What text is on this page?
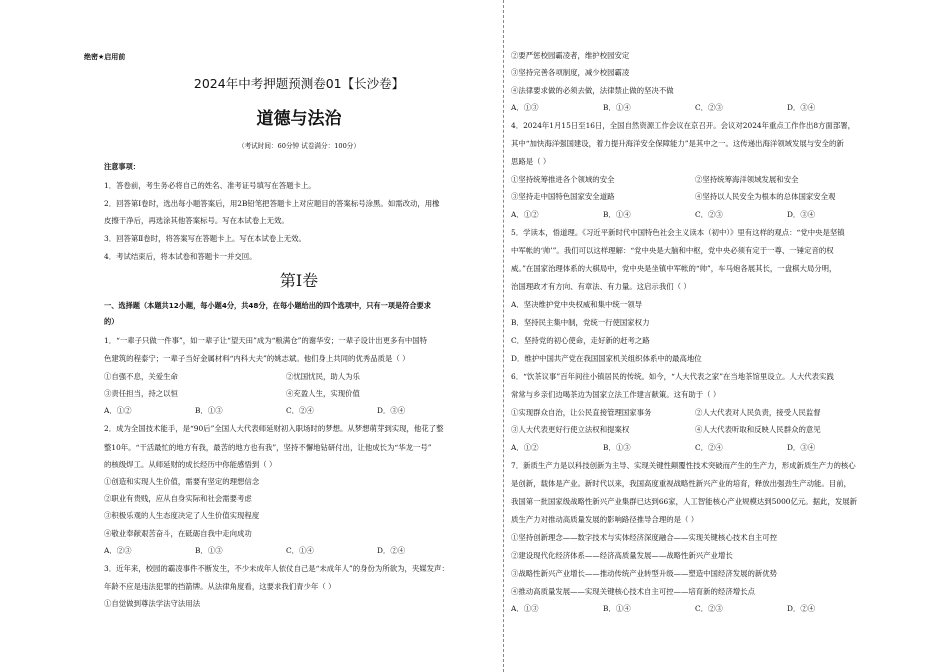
绝密★启用前
2024年中考押题预测卷01【长沙卷】
道德与法治
（考试时间：60分钟 试卷满分：100分）
注意事项：
1．答卷前，考生务必将自己的姓名、准考证号填写在答题卡上。
2．回答第Ⅰ卷时，选出每小题答案后，用2B铅笔把答题卡上对应题目的答案标号涂黑。如需改动，用橡
皮擦干净后，再选涂其他答案标号。写在本试卷上无效。
3．回答第Ⅱ卷时，将答案写在答题卡上。写在本试卷上无效。
4．考试结束后，将本试卷和答题卡一并交回。
第Ⅰ卷
一、选择题（本题共12小题，每小题4分，共48分，在每小题给出的四个选项中，只有一项是符合要求
的）
1．“一辈子只做一件事”，如一辈子让“望天田”成为“粮满仓”的谢华安；一辈子设计出更多有中国特
色建筑的程泰宁；一辈子当好金属材料“内科大夫”的姚志斌。他们身上共同的优秀品质是（ ）
①自强不息，关爱生命	②忧国忧民，助人为乐
③责任担当，持之以恒	④充盈人生，实现价值
A．①②	B．①③	C．②④	D．③④
2．成为全国技术能手，是“90后”全国人大代表师延财初入职场时的梦想。从梦想萌芽到实现，他花了整
整10年。“干活最忙的地方有我，最苦的地方也有我”，坚持不懈地钻研付出，让他成长为“华龙一号”
的核级焊工。从师延财的成长经历中你能感悟到（ ）
①创造和实现人生价值，需要有坚定的理想信念
②职业有贵贱，应从自身实际和社会需要考虑
③积极乐观的人生态度决定了人生价值实现程度
④敬业奉献艰苦奋斗，在砥砺自我中走向成功
A．②③	B．①③	C．①④	D．②④
3．近年来，校园的霸凌事件不断发生，不少未成年人依仗自己是“未成年人”的身份为所欲为，夹媒发声：
年龄不应是违法犯罪的挡箭牌。从法律角度看，这要求我们青少年（ ）
①自觉做到尊法学法守法用法
②要严惩校园霸凌者，维护校园安定
③坚持完善各项制度，减少校园霸凌
④法律要求做的必须去做，法律禁止做的坚决不做
A．①③	B．①④	C．②③	D．③④
4．2024年1月15日至16日，全国自然资源工作会议在京召开。会议对2024年重点工作作出8方面部署，
其中“加快海洋强国建设，着力提升海洋安全保障能力”是其中之一。这传递出海洋领域发展与安全的新
思路是（ ）
①坚持统筹推进各个领域的安全	②坚持统筹海洋领域发展和安全
③坚持走中国特色国家安全道路	④坚持以人民安全为根本的总体国家安全观
A．①②	B．①④	C．②③	D．③④
5．学读本，悟道理。《习近平新时代中国特色社会主义读本（初中）》里有这样的观点：“党中央是坚镇
中军帐的‘帅’”。我们可以这样理解：“党中央是大脑和中枢，党中央必须有定于一尊、一锤定音的权
威。”在国家治理体系的大棋局中，党中央是坐镇中军帐的“帅”，车马炮各展其长，一盘棋大局分明，
治国理政才有方向、有章法、有力量。这启示我们（ ）
A．坚决维护党中央权威和集中统一领导
B．坚持民主集中制，党统一行使国家权力
C．坚持党的初心使命，走好新的赶考之路
D．维护中国共产党在我国国家机关组织体系中的最高地位
6．“饮茶议事”百年间往小镇居民的传统。如今，“人大代表之家”在当地茶馆里设立。人大代表实践
常常与乡亲们边喝茶边为国家立法工作建言献策。这有助于（ ）
①实现群众自治，让公民直接管理国家事务	②人大代表对人民负责，接受人民监督
③人大代表更好行使立法权和提案权	④人大代表听取和反映人民群众的意见
A．①②	B．①③	C．②④	D．③④
7．新质生产力是以科技创新为主导、实现关键性颠覆性技术突破而产生的生产力，形成新质生产力的核心
是创新，载体是产业。新时代以来，我国高度重视战略性新兴产业的培育，释放出强劲生产动能。目前，
我国第一批国家级战略性新兴产业集群已达到66家，人工智能核心产业规模达到5000亿元。据此，发展新
质生产力对推动高质量发展的影响路径推导合理的是（ ）
①坚持创新理念——数字技术与实体经济深度融合——实现关键核心技术自主可控
②建设现代化经济体系——经济高质量发展——战略性新兴产业增长
③战略性新兴产业增长——推动传统产业转型升级——塑造中国经济发展的新优势
④推动高质量发展——实现关键核心技术自主可控——培育新的经济增长点
A．①③	B．①④	C．②③	D．②④
